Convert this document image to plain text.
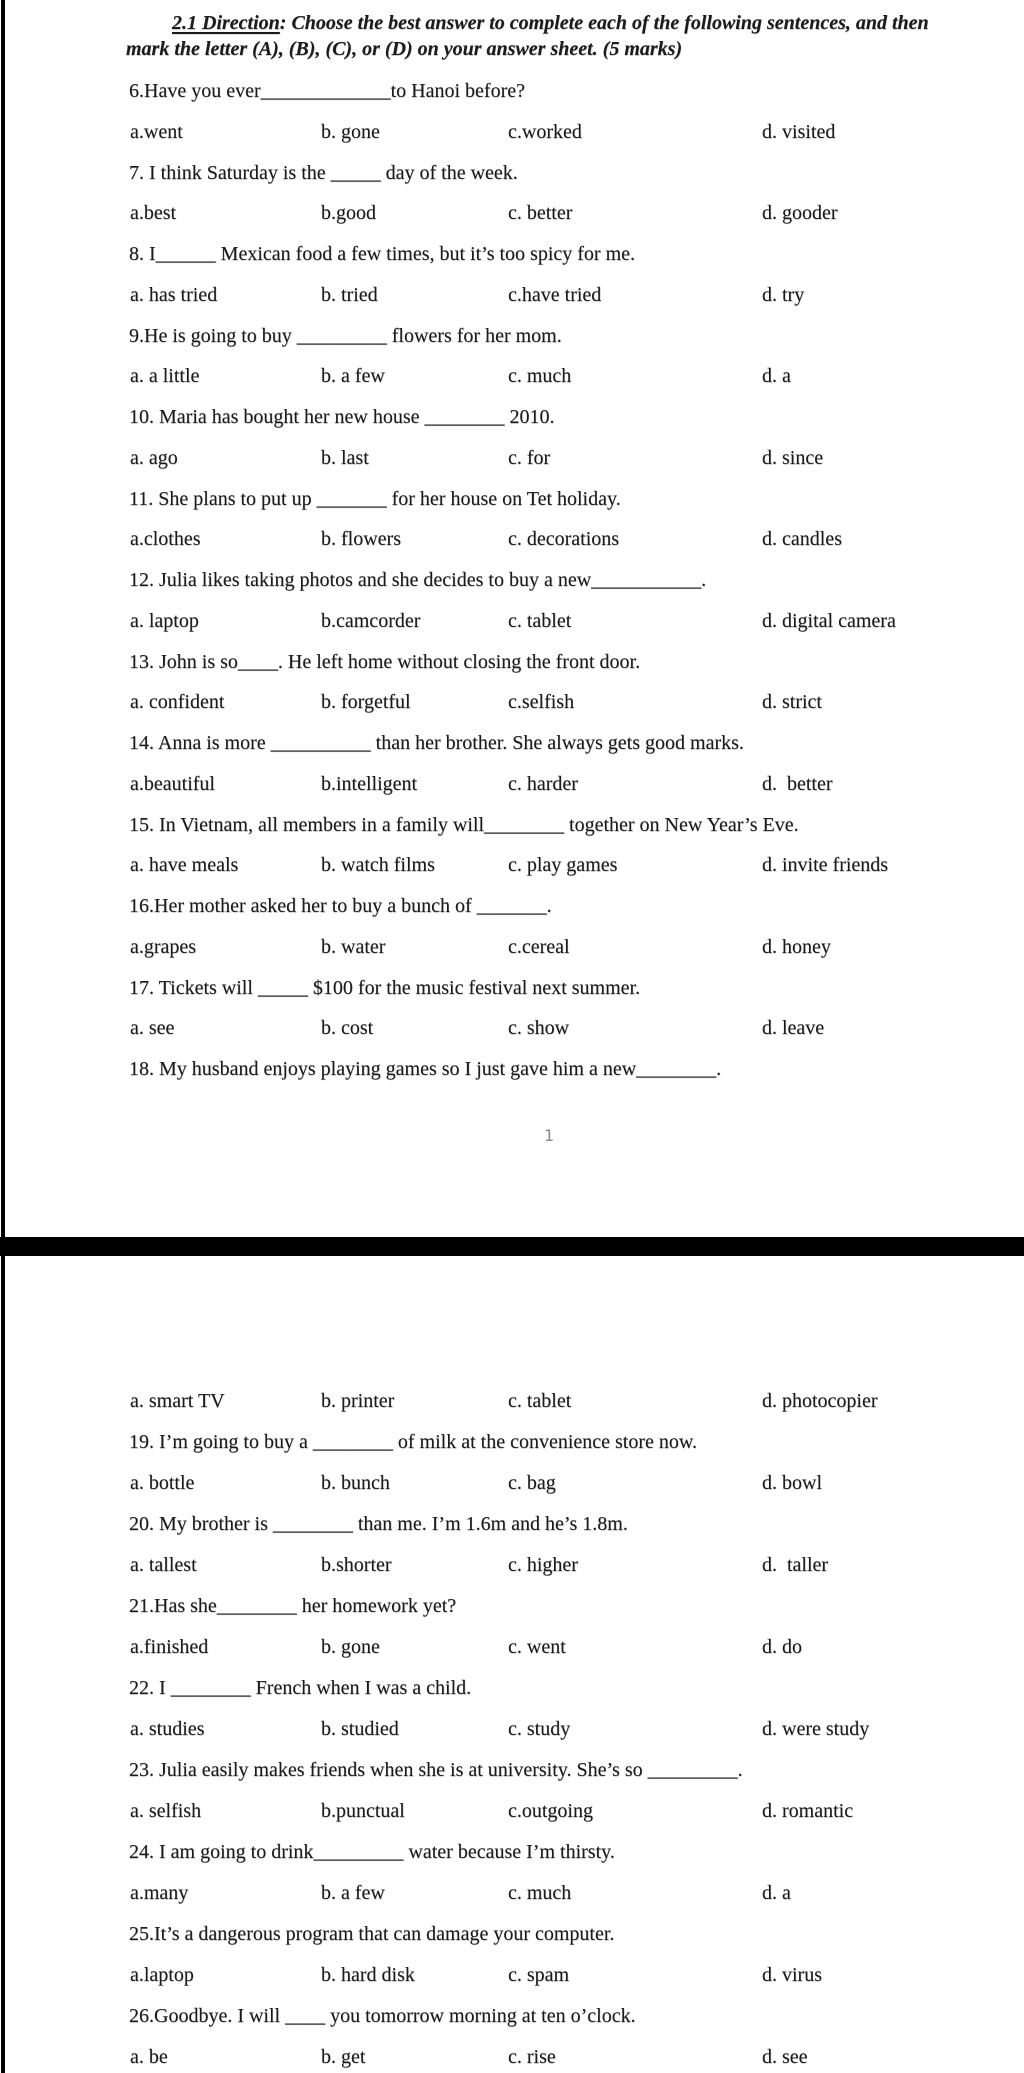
2.1 Direction: Choose the best answer to complete each of the following sentences, and then
mark the letter (A), (B), (C), or (D) on your answer sheet. (5 marks)
6.Have you ever_____________to Hanoi before?
a.went	b. gone	c.worked	d. visited
7. I think Saturday is the _____ day of the week.
a.best	b.good	c. better	d. gooder
8. I______ Mexican food a few times, but it’s too spicy for me.
a. has tried	b. tried	c.have tried	d. try
9.He is going to buy _________ flowers for her mom.
a. a little	b. a few	c. much	d. a
10. Maria has bought her new house ________ 2010.
a. ago	b. last	c. for	d. since
11. She plans to put up _______ for her house on Tet holiday.
a.clothes	b. flowers	c. decorations	d. candles
12. Julia likes taking photos and she decides to buy a new___________.
a. laptop	b.camcorder	c. tablet	d. digital camera
13. John is so____. He left home without closing the front door.
a. confident	b. forgetful	c.selfish	d. strict
14. Anna is more __________ than her brother. She always gets good marks.
a.beautiful	b.intelligent	c. harder	d.  better
15. In Vietnam, all members in a family will________ together on New Year’s Eve.
a. have meals	b. watch films	c. play games	d. invite friends
16.Her mother asked her to buy a bunch of _______.
a.grapes	b. water	c.cereal	d. honey
17. Tickets will _____ $100 for the music festival next summer.
a. see	b. cost	c. show	d. leave
18. My husband enjoys playing games so I just gave him a new________.
1
a. smart TV	b. printer	c. tablet	d. photocopier
19. I’m going to buy a ________ of milk at the convenience store now.
a. bottle	b. bunch	c. bag	d. bowl
20. My brother is ________ than me. I’m 1.6m and he’s 1.8m.
a. tallest	b.shorter	c. higher	d.  taller
21.Has she________ her homework yet?
a.finished	b. gone	c. went	d. do
22. I ________ French when I was a child.
a. studies	b. studied	c. study	d. were study
23. Julia easily makes friends when she is at university. She’s so _________.
a. selfish	b.punctual	c.outgoing	d. romantic
24. I am going to drink_________ water because I’m thirsty.
a.many	b. a few	c. much	d. a
25.It’s a dangerous program that can damage your computer.
a.laptop	b. hard disk	c. spam	d. virus
26.Goodbye. I will ____ you tomorrow morning at ten o’clock.
a. be	b. get	c. rise	d. see
